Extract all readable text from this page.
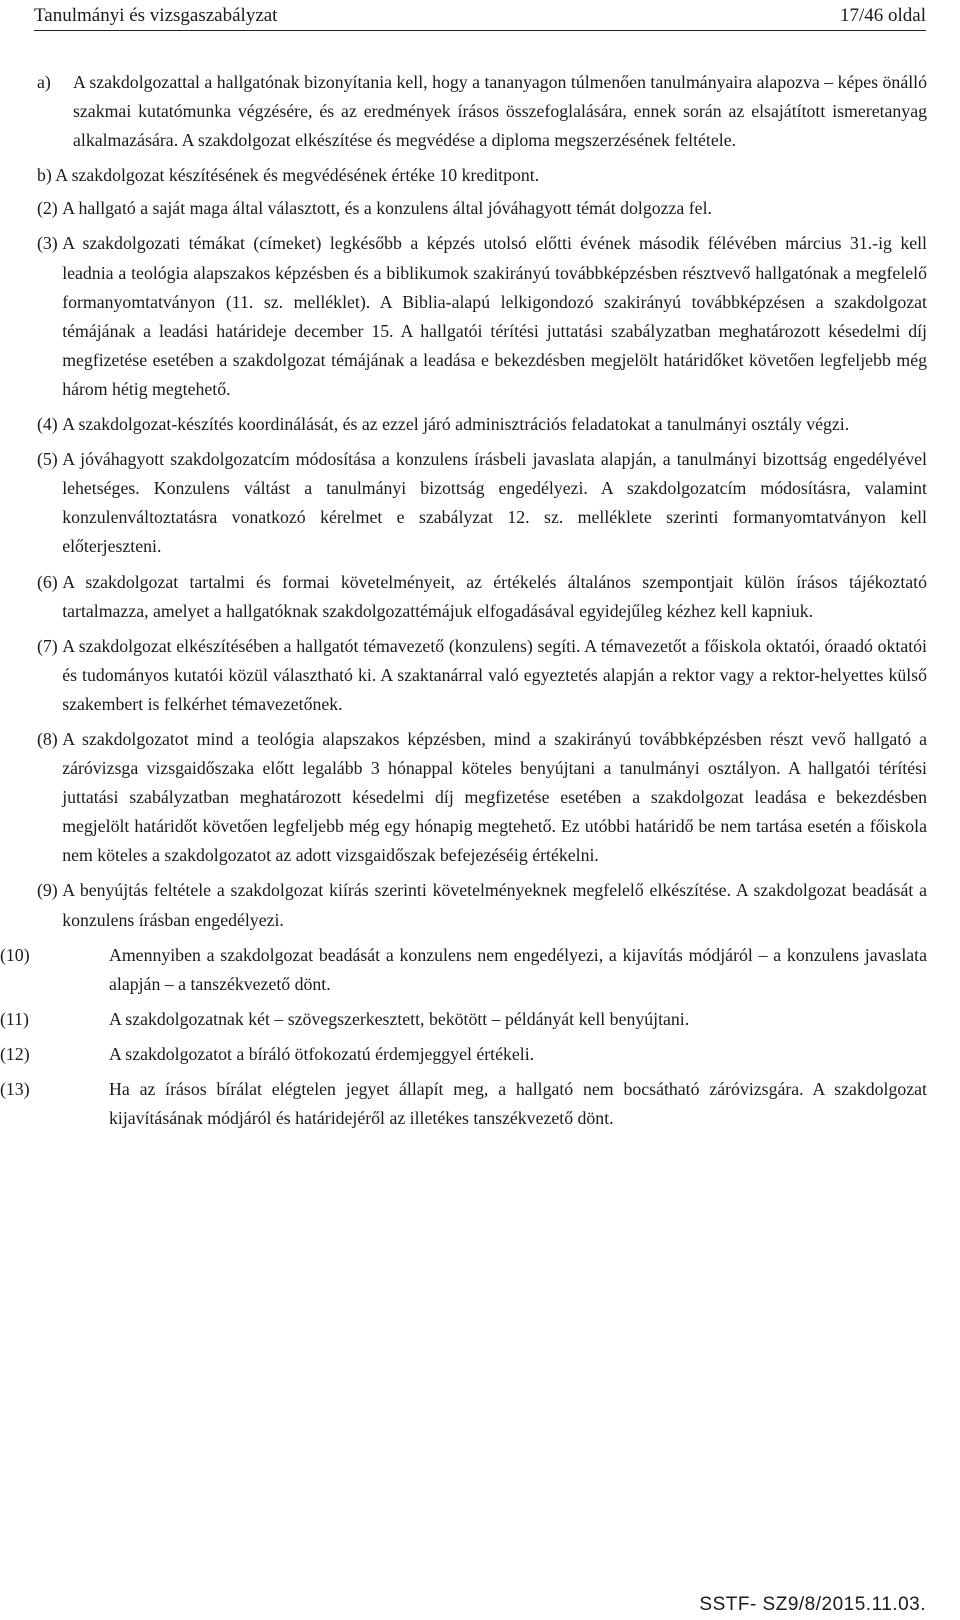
Tanulmányi és vizsgaszabályzat	17/46 oldal
a)	A szakdolgozattal a hallgatónak bizonyítania kell, hogy a tananyagon túlmenően tanulmányaira alapozva – képes önálló szakmai kutatómunka végzésére, és az eredmények írásos összefoglalására, ennek során az elsajátított ismeretanyag alkalmazására. A szakdolgozat elkészítése és megvédése a diploma megszerzésének feltétele.
b) A szakdolgozat készítésének és megvédésének értéke 10 kreditpont.
(2) A hallgató a saját maga által választott, és a konzulens által jóváhagyott témát dolgozza fel.
(3) A szakdolgozati témákat (címeket) legkésőbb a képzés utolsó előtti évének második félévében március 31.-ig kell leadnia a teológia alapszakos képzésben és a biblikumok szakirányú továbbképzésben résztvevő hallgatónak a megfelelő formanyomtatványon (11. sz. melléklet). A Biblia-alapú lelkigondozó szakirányú továbbképzésen a szakdolgozat témájának a leadási határideje december 15. A hallgatói térítési juttatási szabályzatban meghatározott késedelmi díj megfizetése esetében a szakdolgozat témájának a leadása e bekezdésben megjelölt határidőket követően legfeljebb még három hétig megtehető.
(4) A szakdolgozat-készítés koordinálását, és az ezzel járó adminisztrációs feladatokat a tanulmányi osztály végzi.
(5) A jóváhagyott szakdolgozatcím módosítása a konzulens írásbeli javaslata alapján, a tanulmányi bizottság engedélyével lehetséges. Konzulens váltást a tanulmányi bizottság engedélyezi. A szakdolgozatcím módosításra, valamint konzulenváltoztatásra vonatkozó kérelmet e szabályzat 12. sz. melléklete szerinti formanyomtatványon kell előterjeszteni.
(6) A szakdolgozat tartalmi és formai követelményeit, az értékelés általános szempontjait külön írásos tájékoztató tartalmazza, amelyet a hallgatóknak szakdolgozattémájuk elfogadásával egyidejűleg kézhez kell kapniuk.
(7) A szakdolgozat elkészítésében a hallgatót témavezető (konzulens) segíti. A témavezetőt a főiskola oktatói, óraadó oktatói és tudományos kutatói közül választható ki. A szaktanárral való egyeztetés alapján a rektor vagy a rektor-helyettes külső szakembert is felkérhet témavezetőnek.
(8) A szakdolgozatot mind a teológia alapszakos képzésben, mind a szakirányú továbbképzésben részt vevő hallgató a záróvizsga vizsgaidőszaka előtt legalább 3 hónappal köteles benyújtani a tanulmányi osztályon. A hallgatói térítési juttatási szabályzatban meghatározott késedelmi díj megfizetése esetében a szakdolgozat leadása e bekezdésben megjelölt határidőt követően legfeljebb még egy hónapig megtehető. Ez utóbbi határidő be nem tartása esetén a főiskola nem köteles a szakdolgozatot az adott vizsgaidőszak befejezéséig értékelni.
(9) A benyújtás feltétele a szakdolgozat kiírás szerinti követelményeknek megfelelő elkészítése. A szakdolgozat beadását a konzulens írásban engedélyezi.
(10)	Amennyiben a szakdolgozat beadását a konzulens nem engedélyezi, a kijavítás módjáról – a konzulens javaslata alapján – a tanszékvezető dönt.
(11)	A szakdolgozatnak két – szövegszerkesztett, bekötött – példányát kell benyújtani.
(12)	A szakdolgozatot a bíráló ötfokozatú érdemjeggyel értékeli.
(13)	Ha az írásos bírálat elégtelen jegyet állapít meg, a hallgató nem bocsátható záróvizsgára. A szakdolgozat kijavításának módjáról és határidejéről az illetékes tanszékvezető dönt.
SSTF- SZ9/8/2015.11.03.
